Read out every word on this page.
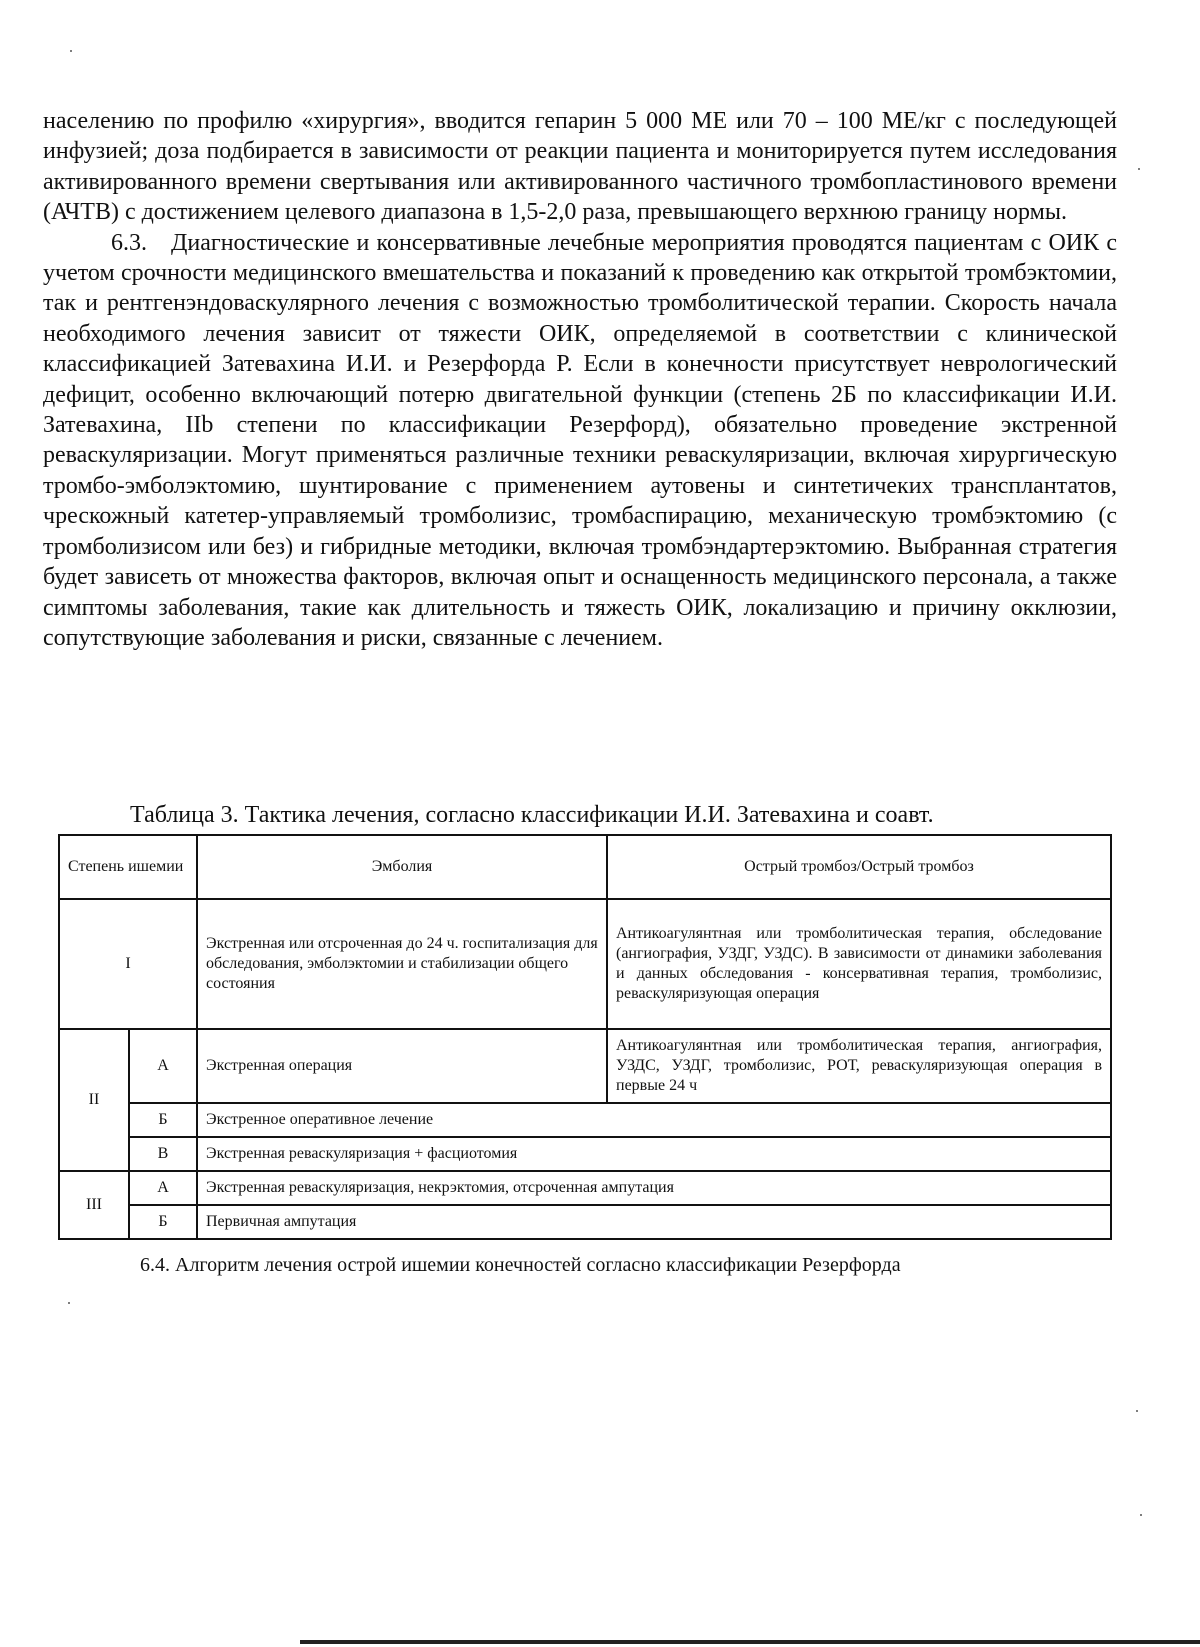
населению по профилю «хирургия», вводится гепарин 5 000 МЕ или 70 – 100 МЕ/кг с последующей инфузией; доза подбирается в зависимости от реакции пациента и мониторируется путем исследования активированного времени свертывания или активированного частичного тромбопластинового времени (АЧТВ) с достижением целевого диапазона в 1,5-2,0 раза, превышающего верхнюю границу нормы.

6.3. Диагностические и консервативные лечебные мероприятия проводятся пациентам с ОИК с учетом срочности медицинского вмешательства и показаний к проведению как открытой тромбэктомии, так и рентгенэндоваскулярного лечения с возможностью тромболитической терапии. Скорость начала необходимого лечения зависит от тяжести ОИК, определяемой в соответствии с клинической классификацией Затевахина И.И. и Резерфорда Р. Если в конечности присутствует неврологический дефицит, особенно включающий потерю двигательной функции (степень 2Б по классификации И.И. Затевахина, IIb степени по классификации Резерфорд), обязательно проведение экстренной реваскуляризации. Могут применяться различные техники реваскуляризации, включая хирургическую тромбо-эмболэктомию, шунтирование с применением аутовены и синтетичеких трансплантатов, чрескожный катетер-управляемый тромболизис, тромбаспирацию, механическую тромбэктомию (с тромболизисом или без) и гибридные методики, включая тромбэндартерэктомию. Выбранная стратегия будет зависеть от множества факторов, включая опыт и оснащенность медицинского персонала, а также симптомы заболевания, такие как длительность и тяжесть ОИК, локализацию и причину окклюзии, сопутствующие заболевания и риски, связанные с лечением.

Таблица 3. Тактика лечения, согласно классификации И.И. Затевахина и соавт.
Степень ишемии		Эмболия	Острый тромбоз/Острый тромбоз
I		Экстренная или отсроченная до 24 ч. госпитализация для обследования, эмболэктомии и стабилизации общего состояния	Антикоагулянтная или тромболитическая терапия, обследование (ангиография, УЗДГ, УЗДС). В зависимости от динамики заболевания и данных обследования - консервативная терапия, тромболизис, реваскуляризующая операция
II	А	Экстренная операция	Антикоагулянтная или тромболитическая терапия, ангиография, УЗДС, УЗДГ, тромболизис, РОТ, реваскуляризующая операция в первые 24 ч
	Б	Экстренное оперативное лечение	
	В	Экстренная реваскуляризация + фасциотомия	
III	А	Экстренная реваскуляризация, некрэктомия, отсроченная ампутация	
	Б	Первичная ампутация	
6.4. Алгоритм лечения острой ишемии конечностей согласно классификации Резерфорда
